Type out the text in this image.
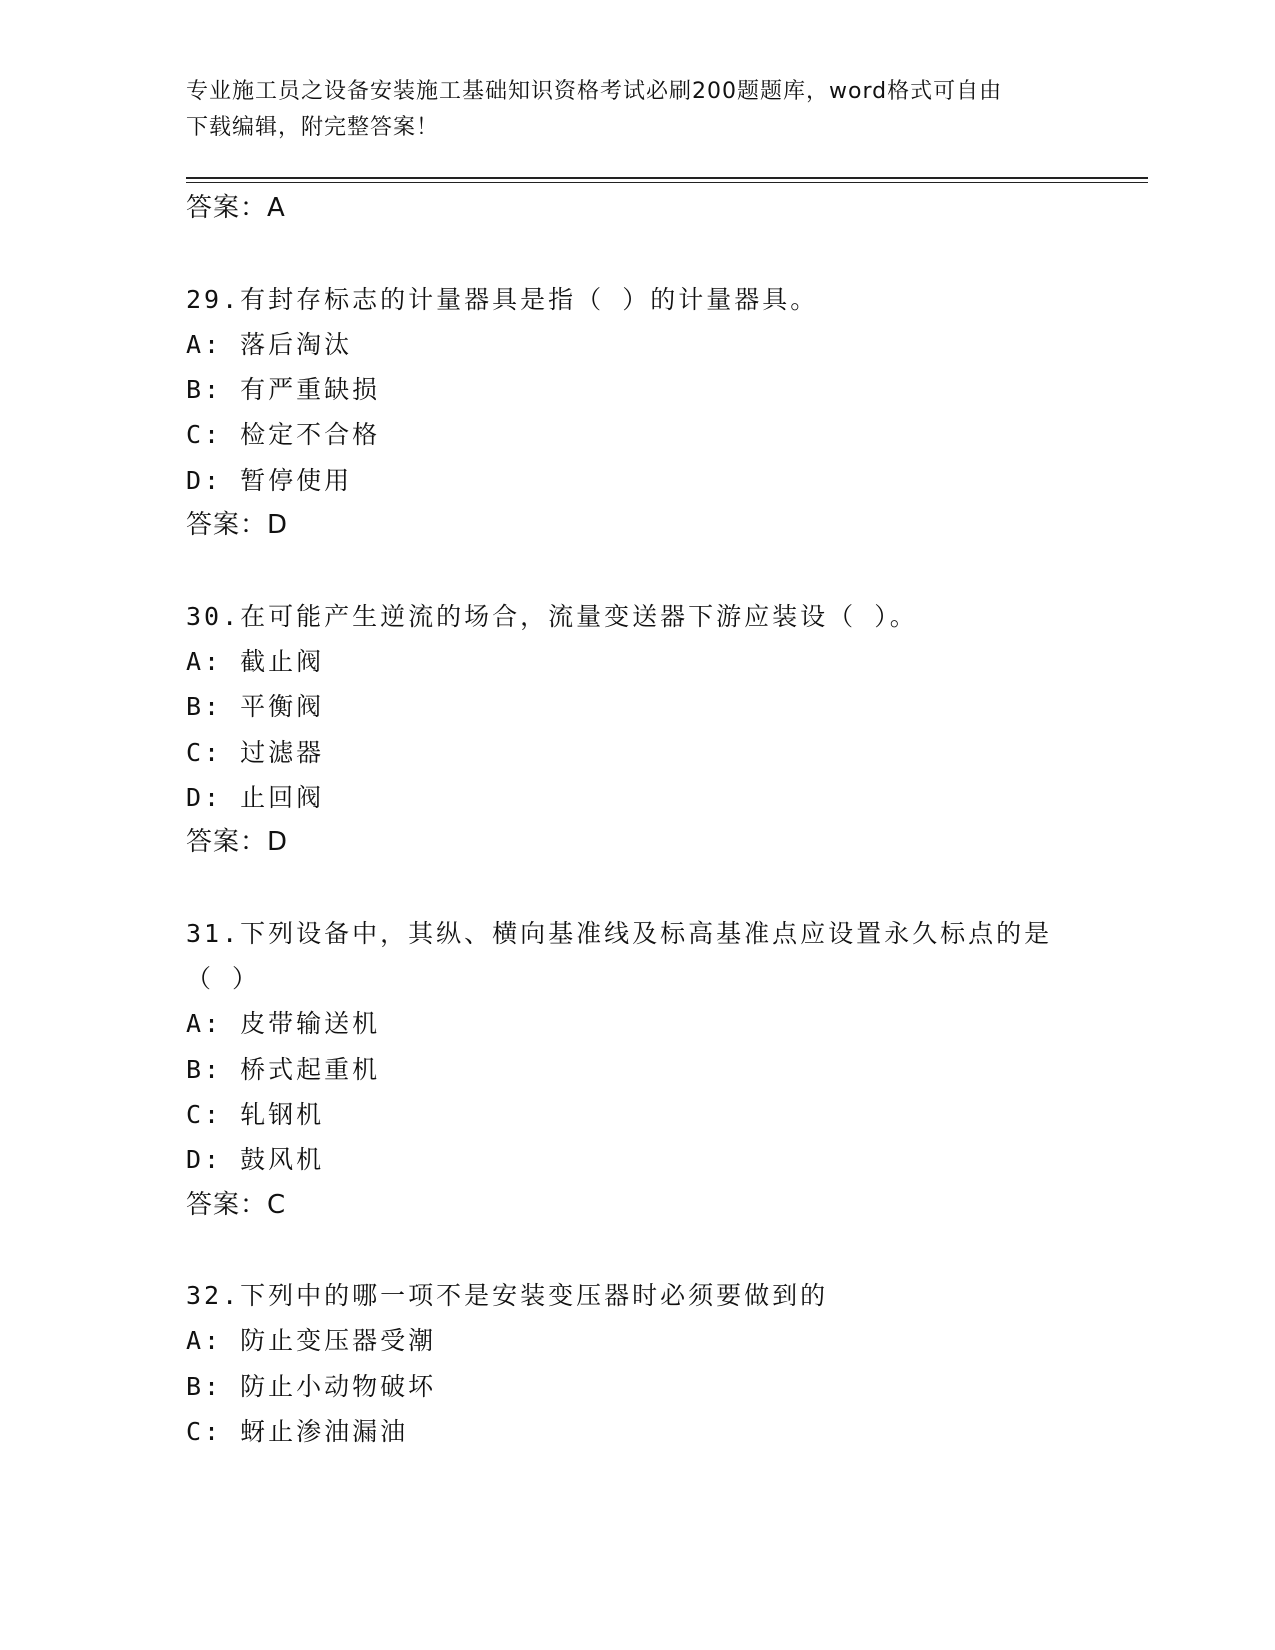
专业施工员之设备安装施工基础知识资格考试必刷200题题库，word格式可自由
下载编辑，附完整答案！
答案：A
29.有封存标志的计量器具是指（ ）的计量器具。
A: 落后淘汰
B: 有严重缺损
C: 检定不合格
D: 暂停使用
答案：D
30.在可能产生逆流的场合，流量变送器下游应装设（ ）。
A: 截止阀
B: 平衡阀
C: 过滤器
D: 止回阀
答案：D
31.下列设备中，其纵、横向基准线及标高基准点应设置永久标点的是
（ ）
A: 皮带输送机
B: 桥式起重机
C: 轧钢机
D: 鼓风机
答案：C
32.下列中的哪一项不是安装变压器时必须要做到的
A: 防止变压器受潮
B: 防止小动物破坏
C: 蚜止渗油漏油
